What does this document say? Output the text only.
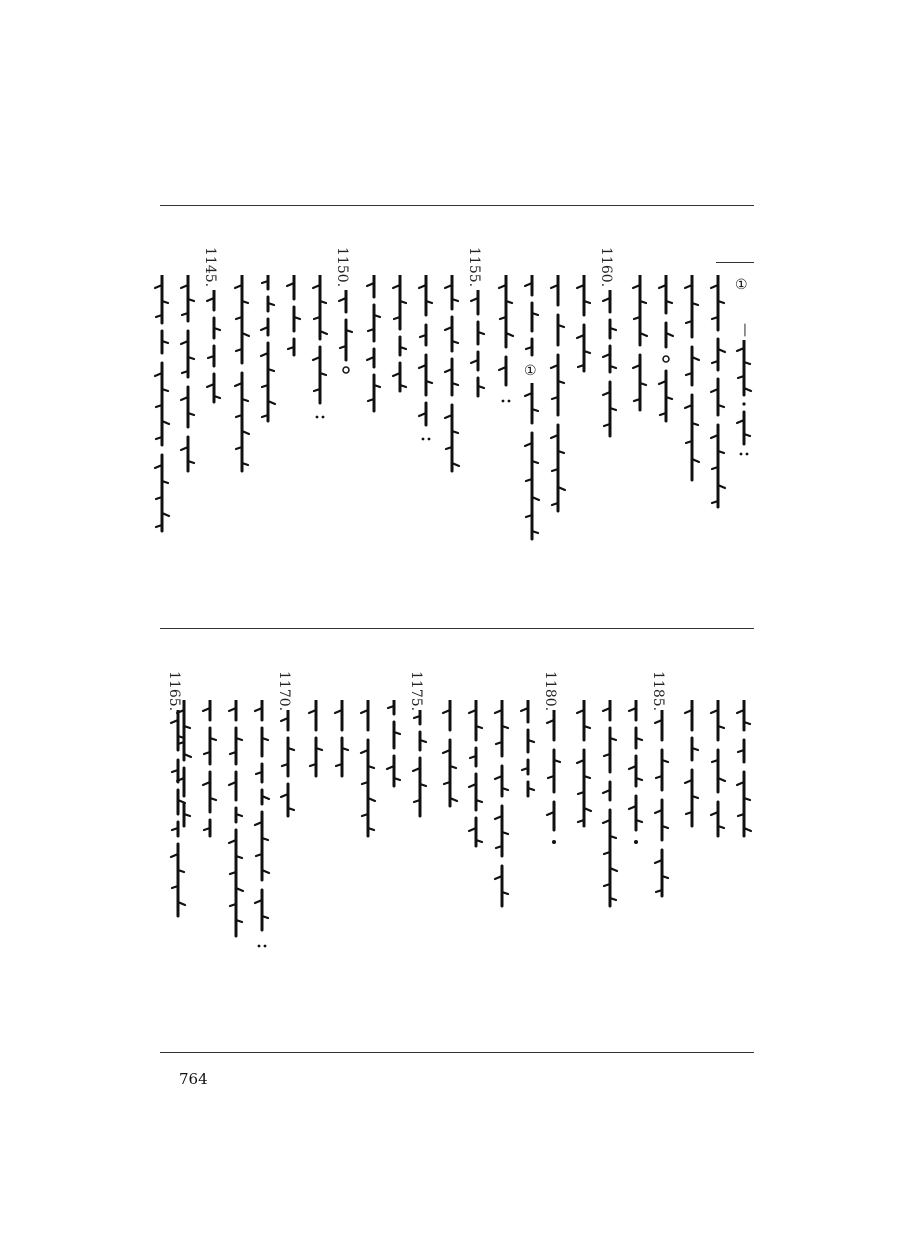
①
—
1160.
①
1155.
1150.
1145.
1185.
1180.
1175.
1170.
1165.
764
